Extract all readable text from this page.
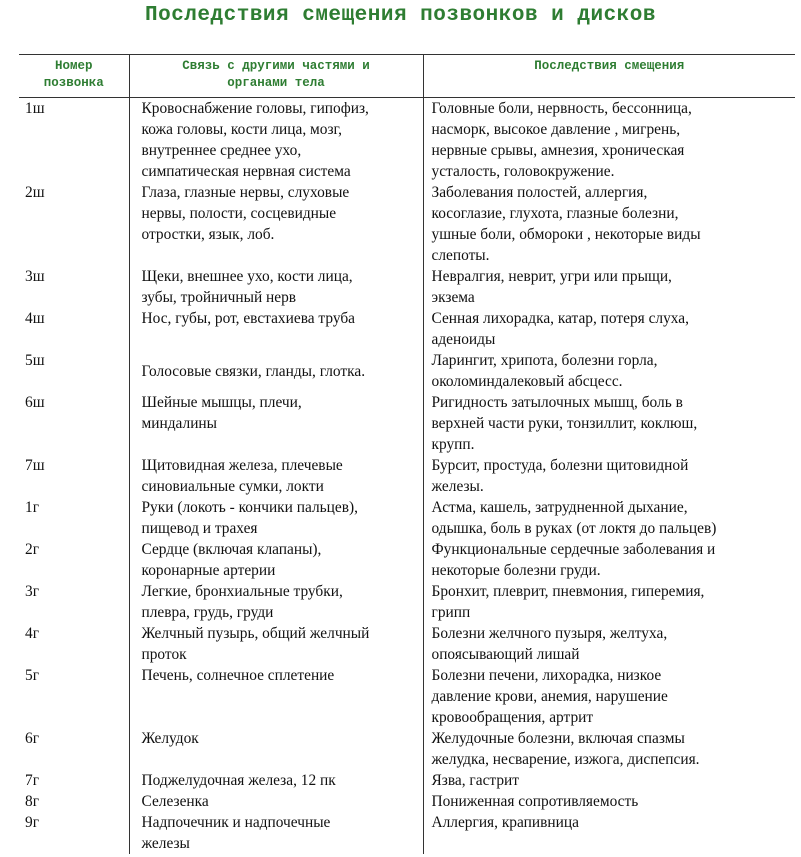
Последствия смещения позвонков и дисков
Номер
позвонка	Связь с другими частями и
органами тела	Последствия смещения

1ш	Кровоснабжение головы, гипофиз,
кожа головы, кости лица, мозг,
внутреннее среднее ухо,
симпатическая нервная система	Головные боли, нервность, бессонница,
насморк, высокое давление , мигрень,
нервные срывы, амнезия, хроническая
усталость, головокружение.

2ш	Глаза, глазные нервы, слуховые
нервы, полости, сосцевидные
отростки, язык, лоб.	Заболевания полостей, аллергия,
косоглазие, глухота, глазные болезни,
ушные боли, обмороки , некоторые виды
слепоты.

3ш	Щеки, внешнее ухо, кости лица,
зубы, тройничный нерв	Невралгия, неврит, угри или прыщи,
экзема

4ш	Нос, губы, рот, евстахиева труба	Сенная лихорадка, катар, потеря слуха,
аденоиды

5ш	Голосовые связки, гланды, глотка.	Ларингит, хрипота, болезни горла,
околоминдалековый абсцесс.

6ш	Шейные мышцы, плечи,
миндалины	Ригидность затылочных мышц, боль в
верхней части руки, тонзиллит, коклюш,
крупп.

7ш	Щитовидная железа, плечевые
синовиальные сумки, локти	Бурсит, простуда, болезни щитовидной
железы.

1г	Руки (локоть - кончики пальцев),
пищевод и трахея	Астма, кашель, затрудненной дыхание,
одышка, боль в руках (от локтя до пальцев)

2г	Сердце (включая клапаны),
коронарные артерии	Функциональные сердечные заболевания и
некоторые болезни груди.

3г	Легкие, бронхиальные трубки,
плевра, грудь, груди	Бронхит, плеврит, пневмония, гиперемия,
грипп

4г	Желчный пузырь, общий желчный
проток	Болезни желчного пузыря, желтуха,
опоясывающий лишай

5г	Печень, солнечное сплетение	Болезни печени, лихорадка, низкое
давление крови, анемия, нарушение
кровообращения, артрит

6г	Желудок	Желудочные болезни, включая спазмы
желудка, несварение, изжога, диспепсия.

7г	Поджелудочная железа, 12 пк	Язва, гастрит

8г	Селезенка	Пониженная сопротивляемость

9г	Надпочечник и надпочечные
железы	Аллергия, крапивница
